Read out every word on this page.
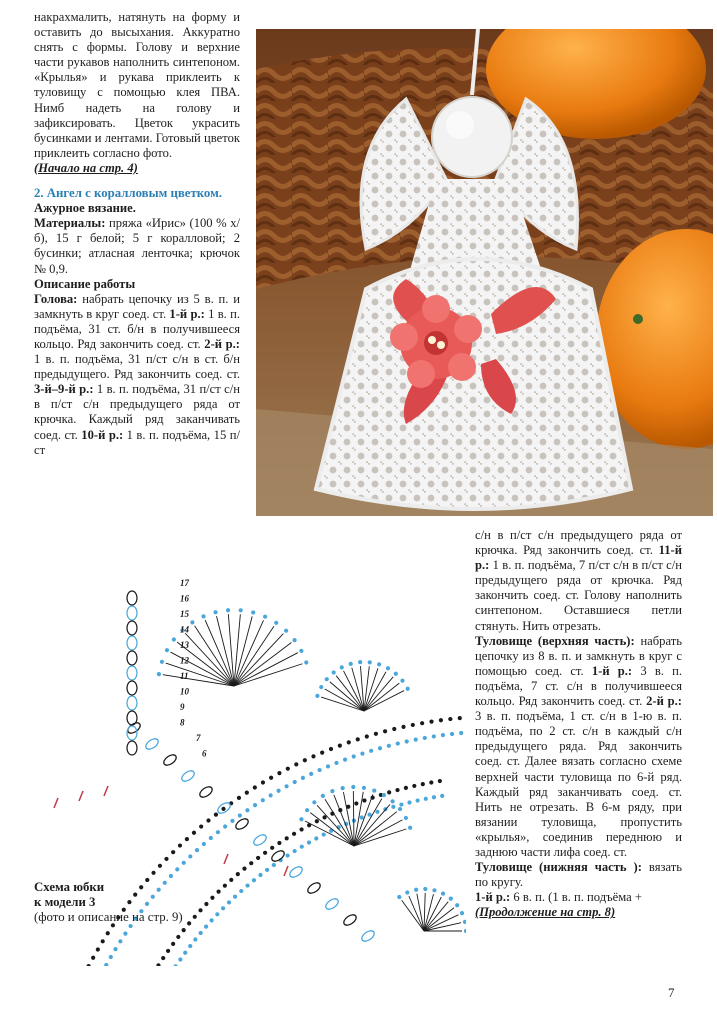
накрахмалить, натянуть на форму и оставить до высыхания. Аккуратно снять с формы. Голову и верхние части рукавов наполнить синтепоном. «Крылья» и рукава приклеить к туловищу с помощью клея ПВА. Нимб надеть на голову и зафиксировать. Цветок украсить бусинками и лентами. Готовый цветок приклеить согласно фото.

(Начало на стр. 4)

2. Ангел с коралловым цветком.

Ажурное вязание.

Материалы: пряжа «Ирис» (100 % х/б), 15 г белой; 5 г коралловой; 2 бусинки; атласная ленточка; крючок № 0,9.

Описание работы

Голова: набрать цепочку из 5 в. п. и замкнуть в круг соед. ст. 1-й р.: 1 в. п. подъёма, 31 ст. б/н в получившееся кольцо. Ряд закончить соед. ст. 2-й р.: 1 в. п. подъёма, 31 п/ст с/н в ст. б/н предыдущего. Ряд закончить соед. ст. 3-й–9-й р.: 1 в. п. подъёма, 31 п/ст с/н в п/ст с/н предыдущего ряда от крючка. Каждый ряд заканчивать соед. ст. 10-й р.: 1 в. п. подъёма, 15 п/ст

17
16
15
14
13
12
11
10
9
8
7
6
Схема юбки
к модели 3
(фото и описание на стр. 9)

с/н в п/ст с/н предыдущего ряда от крючка. Ряд закончить соед. ст. 11-й р.: 1 в. п. подъёма, 7 п/ст с/н в п/ст с/н предыдущего ряда от крючка. Ряд закончить соед. ст. Голову наполнить синтепоном. Оставшиеся петли стянуть. Нить отрезать.

Туловище (верхняя часть): набрать цепочку из 8 в. п. и замкнуть в круг с помощью соед. ст. 1-й р.: 3 в. п. подъёма, 7 ст. с/н в получившееся кольцо. Ряд закончить соед. ст. 2-й р.: 3 в. п. подъёма, 1 ст. с/н в 1-ю в. п. подъёма, по 2 ст. с/н в каждый с/н предыдущего ряда. Ряд закончить соед. ст. Далее вязать согласно схеме верхней части туловища по 6-й ряд. Каждый ряд заканчивать соед. ст. Нить не отрезать. В 6-м ряду, при вязании туловища, пропустить «крылья», соединив переднюю и заднюю части лифа соед. ст.

Туловище (нижняя часть ): вязать по кругу.

1-й р.: 6 в. п. (1 в. п. подъёма +

(Продолжение на стр. 8)

7
